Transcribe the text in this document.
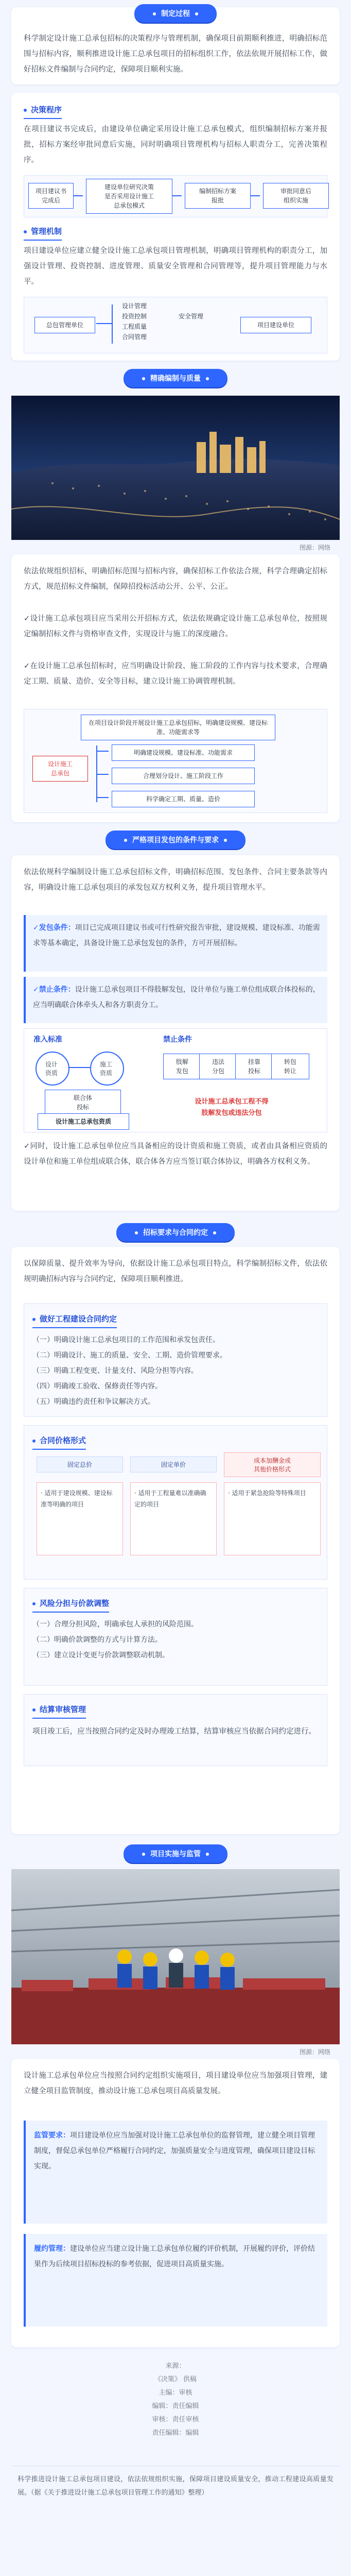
制定过程

科学制定设计施工总承包招标的决策程序与管理机制，确保项目前期顺利推进，明确招标范围与招标内容，顺利推进设计施工总承包项目的招标组织工作，依法依规开展招标工作，做好招标文件编制与合同约定，保障项目顺利实施。

决策程序

在项目建议书完成后，由建设单位确定采用设计施工总承包模式，组织编制招标方案并报批，招标方案经审批同意后实施，同时明确项目管理机构与招标人职责分工，完善决策程序。

项目建议书
完成后
建设单位研究决策
是否采用设计施工
总承包模式
编制招标方案
报批
审批同意后
组织实施
管理机制

项目建设单位应建立健全设计施工总承包项目管理机制，明确项目管理机构的职责分工，加强设计管理、投资控制、进度管理、质量安全管理和合同管理等，提升项目管理能力与水平。

总包管理单位
设计管理
投资控制
工程质量
合同管理
安全管理
项目建设单位
精确编制与质量
图源：网络

依法依规组织招标，明确招标范围与招标内容，确保招标工作依法合规，科学合理确定招标方式，规范招标文件编制，保障招投标活动公开、公平、公正。

✓设计施工总承包项目应当采用公开招标方式，依法依规确定设计施工总承包单位，按照规定编制招标文件与资格审查文件，实现设计与施工的深度融合。

✓在设计施工总承包招标时，应当明确设计阶段、施工阶段的工作内容与技术要求，合理确定工期、质量、造价、安全等目标，建立设计施工协调管理机制。

在项目设计阶段开展设计施工总承包招标，明确建设规模、建设标准、功能需求等
设计施工
总承包
明确建设规模、建设标准、功能需求
合理划分设计、施工阶段工作
科学确定工期、质量、造价
严格项目发包的条件与要求

依法依规科学编制设计施工总承包招标文件，明确招标范围、发包条件、合同主要条款等内容，明确设计施工总承包项目的承发包双方权利义务，提升项目管理水平。

✓发包条件：项目已完成项目建议书或可行性研究报告审批，建设规模、建设标准、功能需求等基本确定，具备设计施工总承包发包的条件，方可开展招标。
✓禁止条件：设计施工总承包项目不得肢解发包，设计单位与施工单位组成联合体投标的，应当明确联合体牵头人和各方职责分工。
准入标准
设计
资质
施工
资质
联合体
投标
设计施工总承包资质
禁止条件
肢解
发包
违法
分包
挂靠
投标
转包
转让
设计施工总承包工程不得
肢解发包或违法分包

✓同时，设计施工总承包单位应当具备相应的设计资质和施工资质，或者由具备相应资质的设计单位和施工单位组成联合体，联合体各方应当签订联合体协议，明确各方权利义务。

招标要求与合同约定

以保障质量、提升效率为导向，依据设计施工总承包项目特点，科学编制招标文件，依法依规明确招标内容与合同约定，保障项目顺利推进。

做好工程建设合同约定
（一）明确设计施工总承包项目的工作范围和承发包责任。
（二）明确设计、施工的质量、安全、工期、造价管理要求。
（三）明确工程变更、计量支付、风险分担等内容。
（四）明确竣工验收、保修责任等内容。
（五）明确违约责任和争议解决方式。
合同价格形式
固定总价	固定单价
成本加酬金或
其他价格形式
· 适用于建设规模、建设标准等明确的项目
· 适用于工程量难以准确确定的项目
· 适用于紧急抢险等特殊项目
风险分担与价款调整
（一）合理分担风险，明确承包人承担的风险范围。
（二）明确价款调整的方式与计算方法。
（三）建立设计变更与价款调整联动机制。
结算审核管理

项目竣工后，应当按照合同约定及时办理竣工结算，结算审核应当依据合同约定进行。

项目实施与监管
图源：网络

设计施工总承包单位应当按照合同约定组织实施项目，项目建设单位应当加强项目管理，建立健全项目监管制度，推动设计施工总承包项目高质量发展。

监管要求：项目建设单位应当加强对设计施工总承包单位的监督管理，建立健全项目管理制度，督促总承包单位严格履行合同约定，加强质量安全与进度管理，确保项目建设目标实现。
履约管理：建设单位应当建立设计施工总承包单位履约评价机制，开展履约评价，评价结果作为后续项目招标投标的参考依据，促进项目高质量实施。
来源：
《决策》 供稿
主编：审核
编辑：责任编辑
审核：责任审核
责任编辑：编辑

科学推进设计施工总承包项目建设，依法依规组织实施，保障项目建设质量安全，推动工程建设高质量发展。（据《关于推进设计施工总承包项目管理工作的通知》整理）
